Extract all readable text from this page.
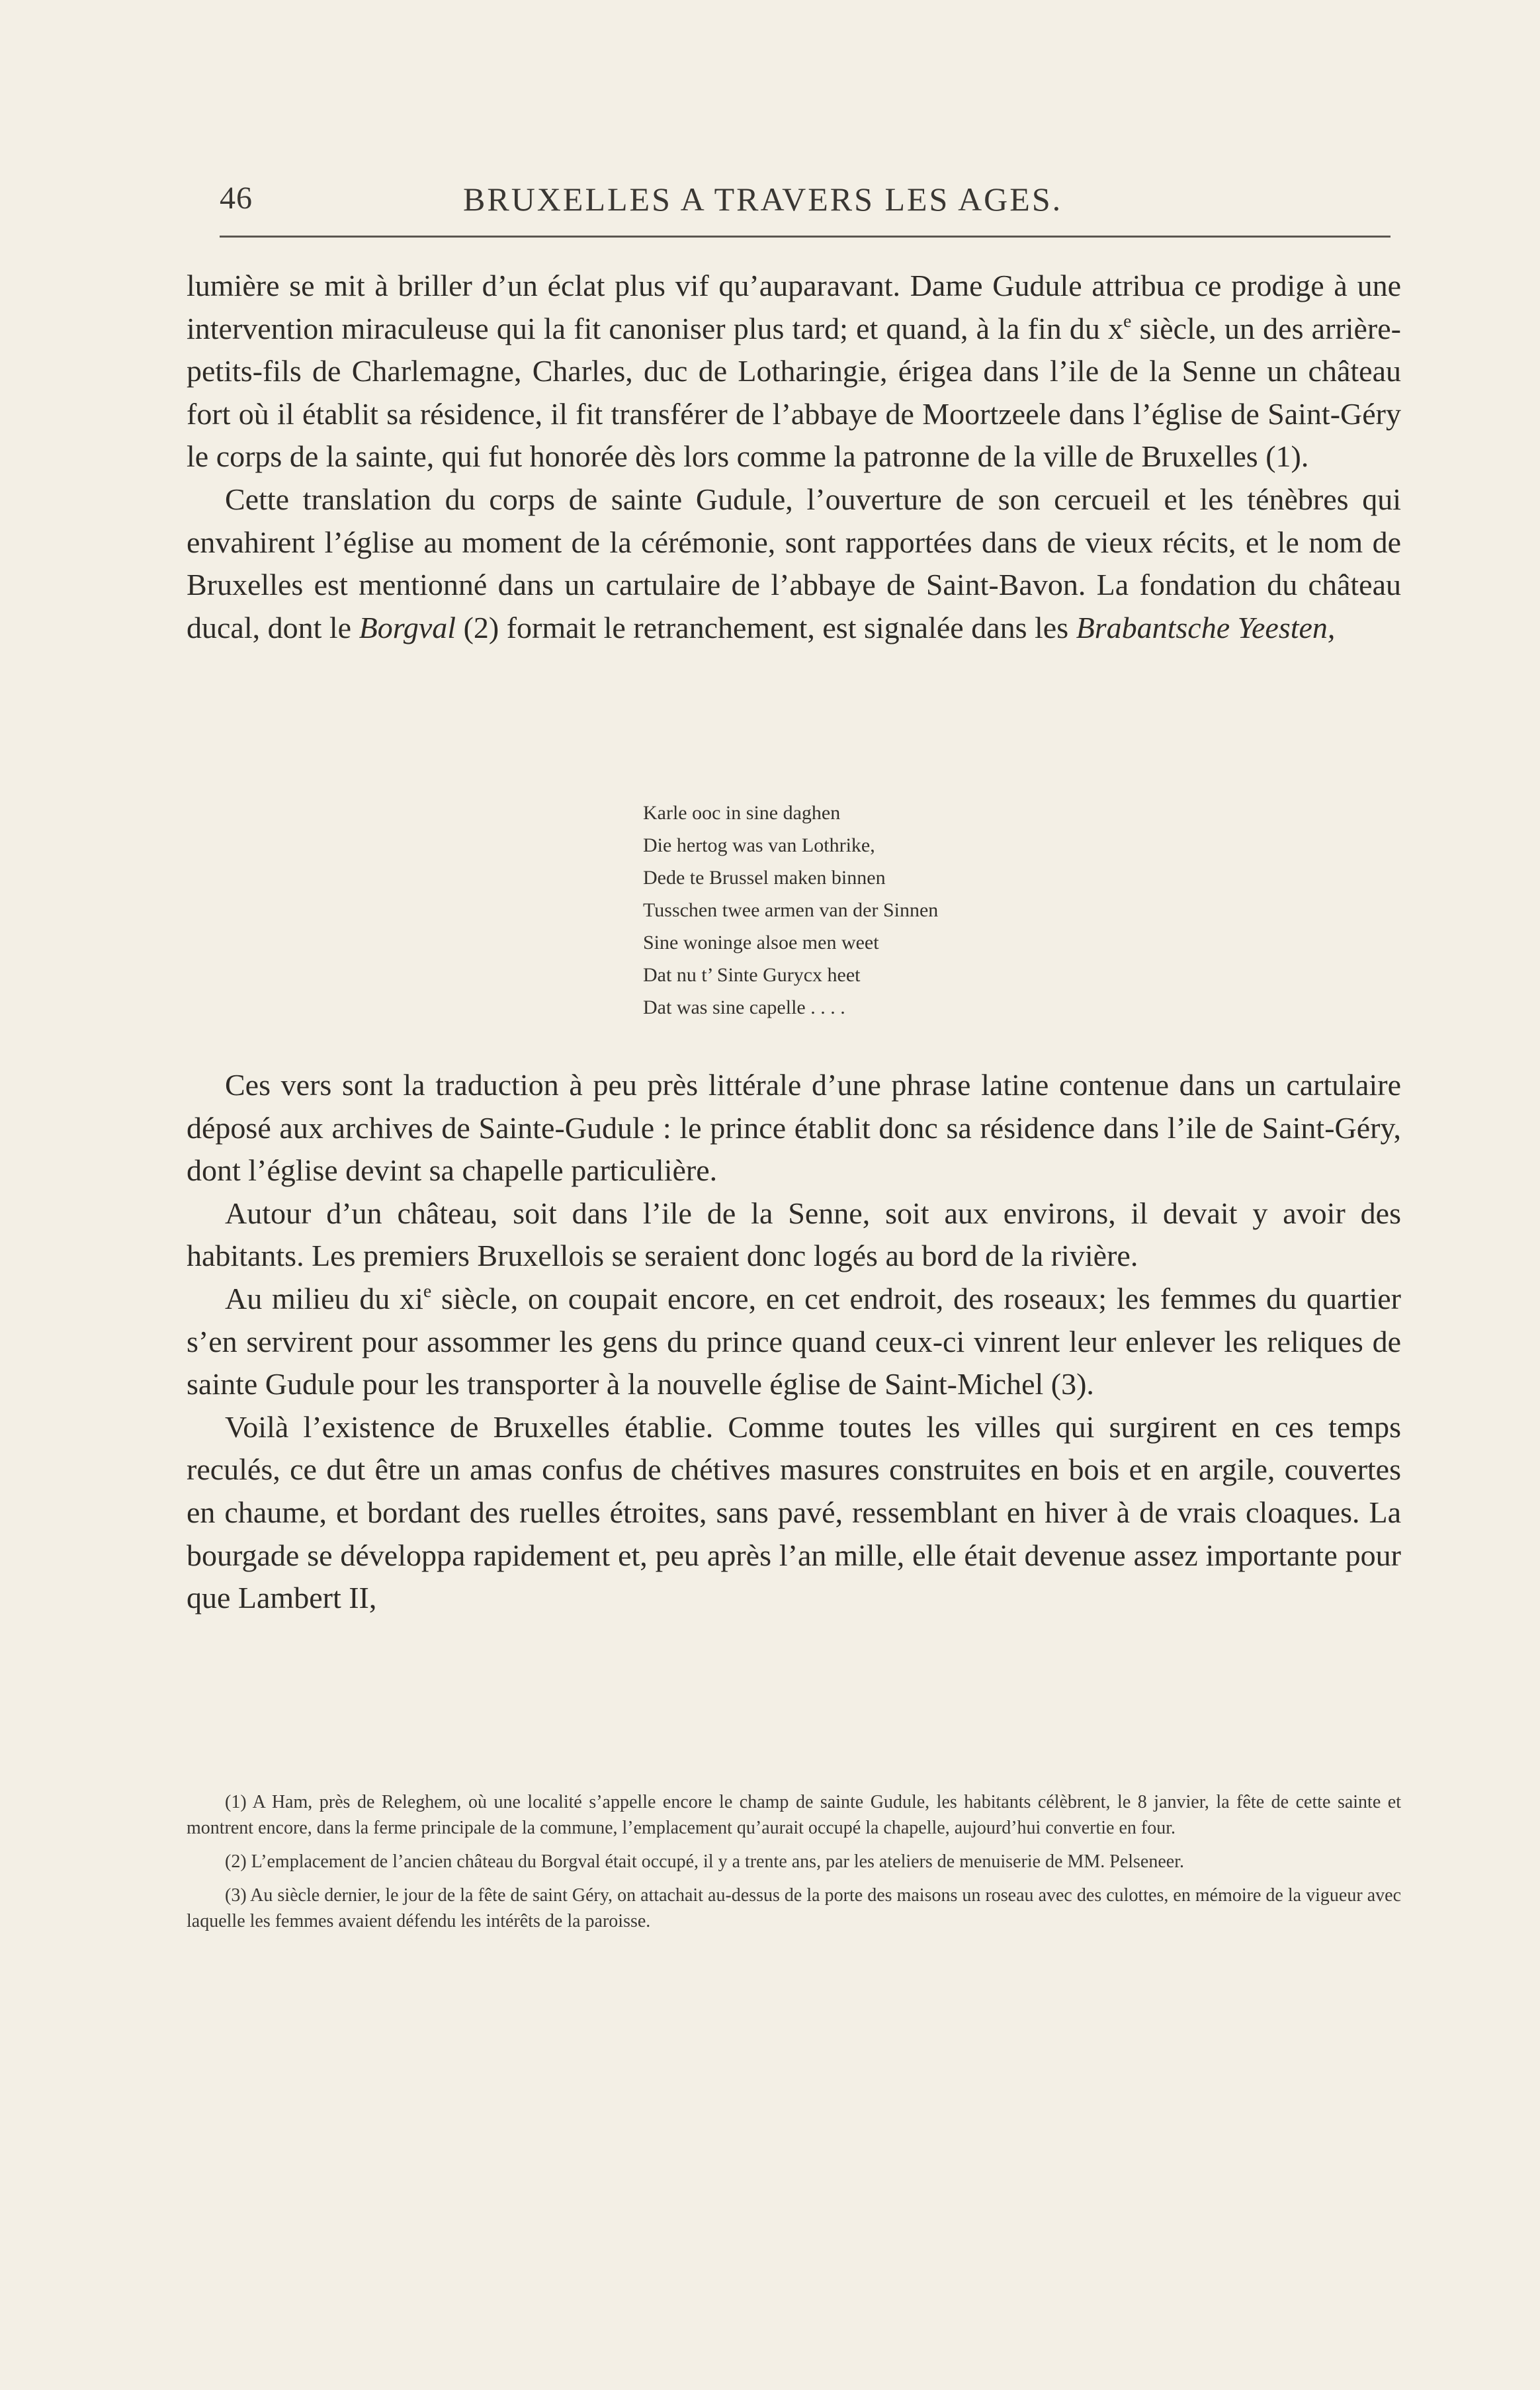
46	BRUXELLES A TRAVERS LES AGES.

lumière se mit à briller d’un éclat plus vif qu’auparavant. Dame Gudule attribua ce prodige à une intervention miraculeuse qui la fit canoniser plus tard; et quand, à la fin du $x^e$ siècle, un des arrière-petits-fils de Charlemagne, Charles, duc de Lotharingie, érigea dans l’ile de la Senne un château fort où il établit sa résidence, il fit transférer de l’abbaye de Moortzeele dans l’église de Saint-Géry le corps de la sainte, qui fut honorée dès lors comme la patronne de la ville de Bruxelles (1).

Cette translation du corps de sainte Gudule, l’ouverture de son cercueil et les ténèbres qui envahirent l’église au moment de la cérémonie, sont rapportées dans de vieux récits, et le nom de Bruxelles est mentionné dans un cartulaire de l’abbaye de Saint-Bavon. La fondation du château ducal, dont le Borgval (2) formait le retranchement, est signalée dans les Brabantsche Yeesten,

Karle ooc in sine daghen
Die hertog was van Lothrike,
Dede te Brussel maken binnen
Tusschen twee armen van der Sinnen
Sine woninge alsoe men weet
Dat nu t’ Sinte Gurycx heet
Dat was sine capelle . . . .

Ces vers sont la traduction à peu près littérale d’une phrase latine contenue dans un cartulaire déposé aux archives de Sainte-Gudule : le prince établit donc sa résidence dans l’ile de Saint-Géry, dont l’église devint sa chapelle particulière.

Autour d’un château, soit dans l’ile de la Senne, soit aux environs, il devait y avoir des habitants. Les premiers Bruxellois se seraient donc logés au bord de la rivière.

Au milieu du $xi^e$ siècle, on coupait encore, en cet endroit, des roseaux; les femmes du quartier s’en servirent pour assommer les gens du prince quand ceux-ci vinrent leur enlever les reliques de sainte Gudule pour les transporter à la nouvelle église de Saint-Michel (3).

Voilà l’existence de Bruxelles établie. Comme toutes les villes qui surgirent en ces temps reculés, ce dut être un amas confus de chétives masures construites en bois et en argile, couvertes en chaume, et bordant des ruelles étroites, sans pavé, ressemblant en hiver à de vrais cloaques. La bourgade se développa rapidement et, peu après l’an mille, elle était devenue assez importante pour que Lambert II,

(1) A Ham, près de Releghem, où une localité s’appelle encore le champ de sainte Gudule, les habitants célèbrent, le 8 janvier, la fête de cette sainte et montrent encore, dans la ferme principale de la commune, l’emplacement qu’aurait occupé la chapelle, aujourd’hui convertie en four.

(2) L’emplacement de l’ancien château du Borgval était occupé, il y a trente ans, par les ateliers de menuiserie de MM. Pelseneer.

(3) Au siècle dernier, le jour de la fête de saint Géry, on attachait au-dessus de la porte des maisons un roseau avec des culottes, en mémoire de la vigueur avec laquelle les femmes avaient défendu les intérêts de la paroisse.
